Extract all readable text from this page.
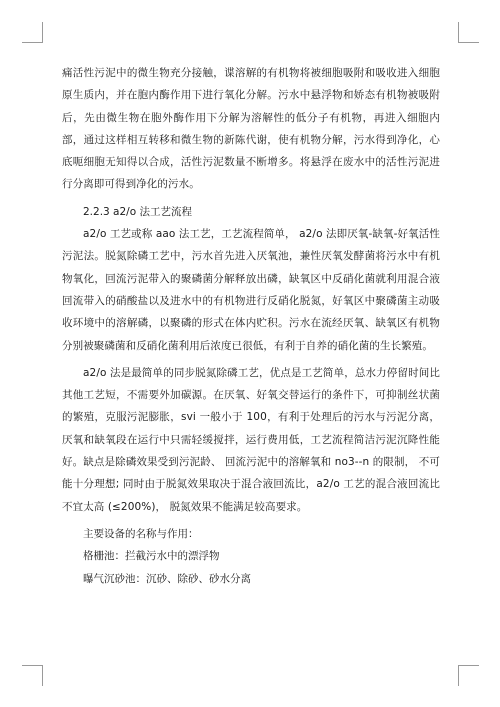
痛活性污泥中的微生物充分接触，谍溶解的有机物将被细胞吸附和吸收进入细胞原生质内，并在胞内酶作用下进行氧化分解。污水中悬浮物和娇态有机物被吸附后，先由微生物在胞外酶作用下分解为溶解性的低分子有机物，再进入细胞内部，通过这样相互转移和微生物的新陈代谢，使有机物分解，污水得到净化，心底呃细胞无知得以合成，活性污泥数量不断增多。将悬浮在废水中的活性污泥进行分离即可得到净化的污水。

2.2.3 a2/o 法工艺流程

a2/o 工艺或称 aao 法工艺，工艺流程简单， a2/o 法即厌氧-缺氧-好氧活性污泥法。脱氮除磷工艺中，污水首先进入厌氧池，兼性厌氧发酵菌将污水中有机物氧化，回流污泥带入的聚磷菌分解释放出磷，缺氧区中反硝化菌就利用混合液回流带入的硝酸盐以及进水中的有机物进行反硝化脱氮，好氧区中聚磷菌主动吸收环境中的溶解磷，以聚磷的形式在体内贮积。污水在流经厌氧、缺氧区有机物分别被聚磷菌和反硝化菌利用后浓度已很低，有利于自养的硝化菌的生长繁殖。

a2/o 法是最简单的同步脱氮除磷工艺，优点是工艺简单，总水力停留时间比其他工艺短，不需要外加碳源。在厌氧、好氧交替运行的条件下，可抑制丝状菌的繁殖，克服污泥膨胀，svi 一般小于 100，有利于处理后的污水与污泥分离，厌氧和缺氧段在运行中只需轻缓搅拌，运行费用低，工艺流程简洁污泥沉降性能好。缺点是除磷效果受到污泥龄、 回流污泥中的溶解氧和 no3--n 的限制， 不可能十分理想; 同时由于脱氮效果取决于混合液回流比，a2/o 工艺的混合液回流比不宜太高 (≤200%)， 脱氮效果不能满足较高要求。

主要设备的名称与作用：

格栅池：拦截污水中的漂浮物

曝气沉砂池：沉砂、除砂、砂水分离
